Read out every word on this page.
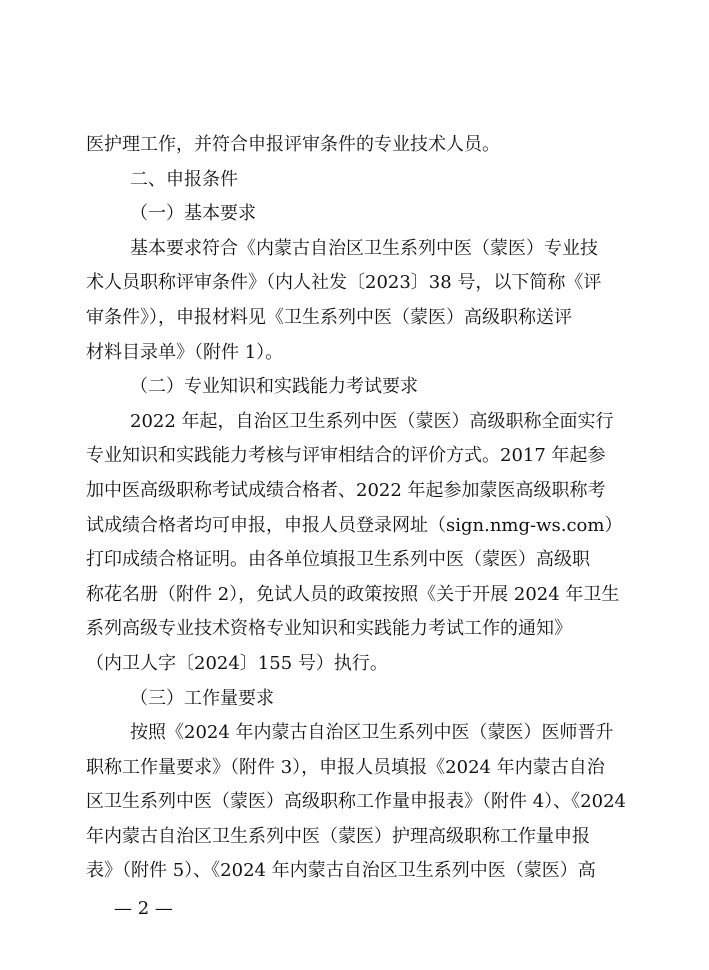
医护理工作，并符合申报评审条件的专业技术人员。
二、申报条件
（一）基本要求
基本要求符合《内蒙古自治区卫生系列中医（蒙医）专业技
术人员职称评审条件》（内人社发〔2023〕38 号，以下简称《评
审条件》），申报材料见《卫生系列中医（蒙医）高级职称送评
材料目录单》（附件 1）。
（二）专业知识和实践能力考试要求
2022 年起，自治区卫生系列中医（蒙医）高级职称全面实行
专业知识和实践能力考核与评审相结合的评价方式。2017 年起参
加中医高级职称考试成绩合格者、2022 年起参加蒙医高级职称考
试成绩合格者均可申报，申报人员登录网址（sign.nmg-ws.com）
打印成绩合格证明。由各单位填报卫生系列中医（蒙医）高级职
称花名册（附件 2），免试人员的政策按照《关于开展 2024 年卫生
系列高级专业技术资格专业知识和实践能力考试工作的通知》
（内卫人字〔2024〕155 号）执行。
（三）工作量要求
按照《2024 年内蒙古自治区卫生系列中医（蒙医）医师晋升
职称工作量要求》（附件 3），申报人员填报《2024 年内蒙古自治
区卫生系列中医（蒙医）高级职称工作量申报表》（附件 4）、《2024
年内蒙古自治区卫生系列中医（蒙医）护理高级职称工作量申报
表》（附件 5）、《2024 年内蒙古自治区卫生系列中医（蒙医）高
— 2 —
